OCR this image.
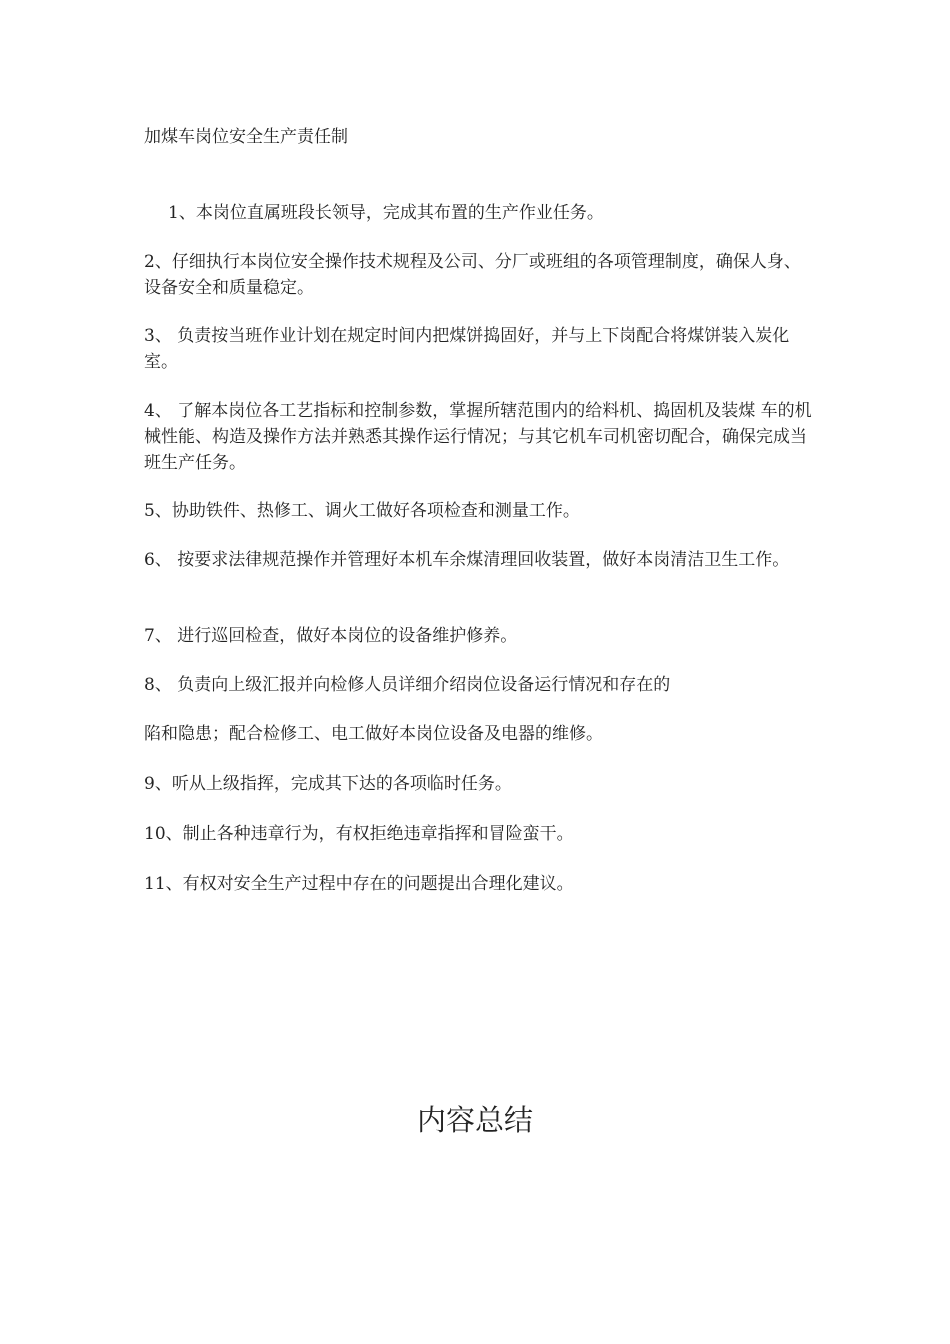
加煤车岗位安全生产责任制

1、本岗位直属班段长领导，完成其布置的生产作业任务。

2、仔细执行本岗位安全操作技术规程及公司、分厂或班组的各项管理制度，确保人身、设备安全和质量稳定。

3、 负责按当班作业计划在规定时间内把煤饼捣固好，并与上下岗配合将煤饼装入炭化室。

4、 了解本岗位各工艺指标和控制参数，掌握所辖范围内的给料机、捣固机及装煤 车的机械性能、构造及操作方法并熟悉其操作运行情况；与其它机车司机密切配合，确保完成当班生产任务。

5、协助铁件、热修工、调火工做好各项检查和测量工作。

6、 按要求法律规范操作并管理好本机车余煤清理回收装置，做好本岗清洁卫生工作。

7、 进行巡回检查，做好本岗位的设备维护修养。

8、 负责向上级汇报并向检修人员详细介绍岗位设备运行情况和存在的

陷和隐患；配合检修工、电工做好本岗位设备及电器的维修。

9、听从上级指挥，完成其下达的各项临时任务。

10、制止各种违章行为，有权拒绝违章指挥和冒险蛮干。

11、有权对安全生产过程中存在的问题提出合理化建议。

内容总结
